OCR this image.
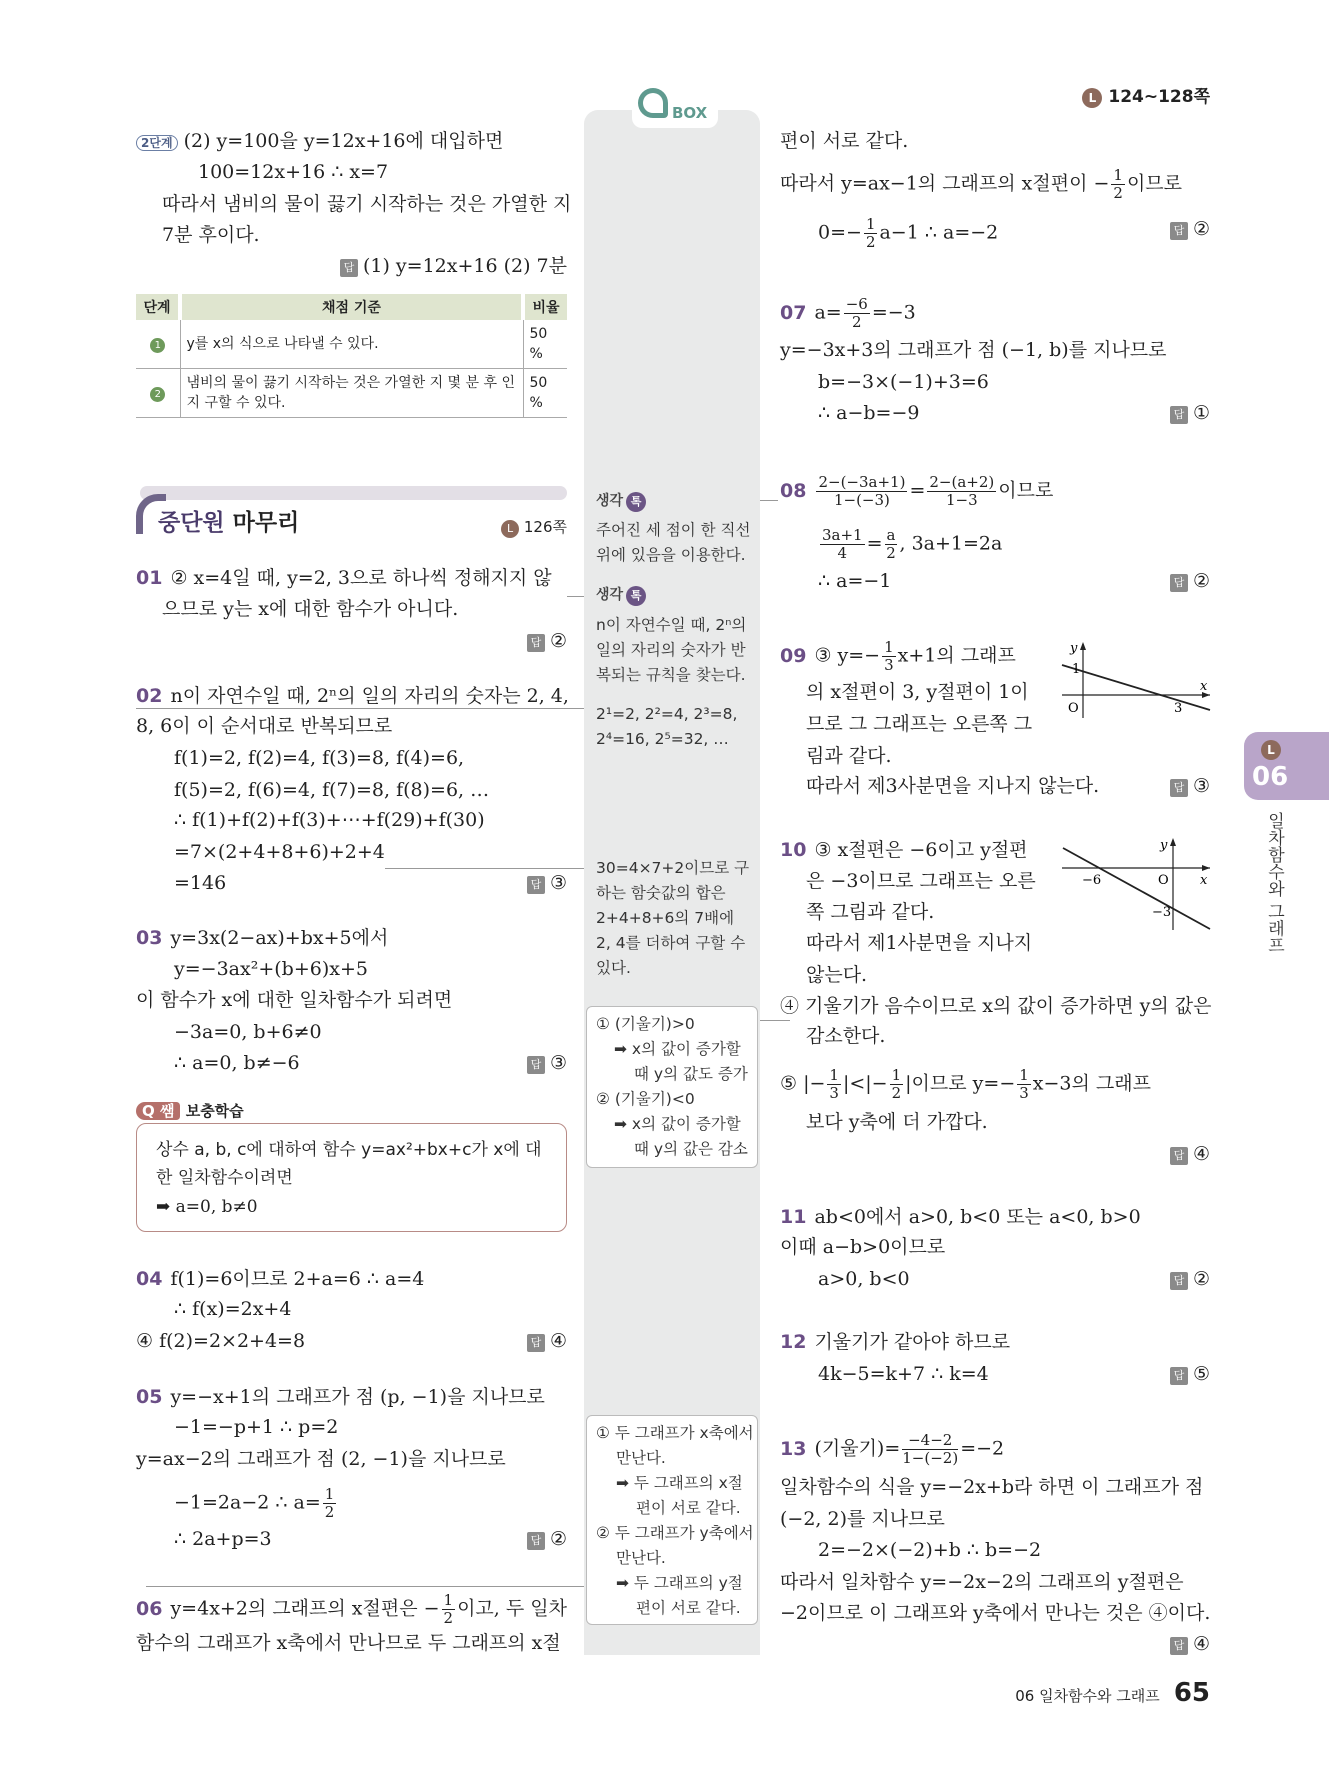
L 124~128쪽
BOX
생각 톡
주어진 세 점이 한 직선
위에 있음을 이용한다.
생각 톡
n이 자연수일 때, 2ⁿ의
일의 자리의 숫자가 반
복되는 규칙을 찾는다.
2¹=2, 2²=4, 2³=8,
2⁴=16, 2⁵=32, …
30=4×7+2이므로 구
하는 함숫값의 합은
2+4+8+6의 7배에
2, 4를 더하여 구할 수
있다.
① (기울기)>0
➡ x의 값이 증가할
때 y의 값도 증가
② (기울기)<0
➡ x의 값이 증가할
때 y의 값은 감소
① 두 그래프가 x축에서
만난다.
➡ 두 그래프의 x절
편이 서로 같다.
② 두 그래프가 y축에서
만난다.
➡ 두 그래프의 y절
편이 서로 같다.
2단계 (2) y=100을 y=12x+16에 대입하면
100=12x+16 ∴ x=7
따라서 냄비의 물이 끓기 시작하는 것은 가열한 지
7분 후이다.
답 (1) y=12x+16 (2) 7분
단계	채점 기준	비율
1	y를 x의 식으로 나타낼 수 있다.	50 %
2	냄비의 물이 끓기 시작하는 것은 가열한 지 몇 분 후 인지 구할 수 있다.	50 %
중단원 마무리	L 126쪽
01 ② x=4일 때, y=2, 3으로 하나씩 정해지지 않
으므로 y는 x에 대한 함수가 아니다.
답 ②
02 n이 자연수일 때, 2ⁿ의 일의 자리의 숫자는 2, 4,
8, 6이 이 순서대로 반복되므로
f(1)=2, f(2)=4, f(3)=8, f(4)=6,
f(5)=2, f(6)=4, f(7)=8, f(8)=6, …
∴ f(1)+f(2)+f(3)+⋯+f(29)+f(30)
=7×(2+4+8+6)+2+4
=146	답 ③
03 y=3x(2−ax)+bx+5에서
y=−3ax²+(b+6)x+5
이 함수가 x에 대한 일차함수가 되려면
−3a=0, b+6≠0
∴ a=0, b≠−6	답 ③
Q 쌤 보충학습
상수 a, b, c에 대하여 함수 y=ax²+bx+c가 x에 대
한 일차함수이려면
➡ a=0, b≠0
04 f(1)=6이므로 2+a=6 ∴ a=4
∴ f(x)=2x+4
④ f(2)=2×2+4=8	답 ④
05 y=−x+1의 그래프가 점 (p, −1)을 지나므로
−1=−p+1 ∴ p=2
y=ax−2의 그래프가 점 (2, −1)을 지나므로
−1=2a−2 ∴ $a= \frac{1}{2}$
∴ 2a+p=3	답 ②
06 y=4x+2의 그래프의 x절편은 − $\frac{1}{2}$ 이고, 두 일차
함수의 그래프가 x축에서 만나므로 두 그래프의 x절
편이 서로 같다.
따라서 y=ax−1의 그래프의 x절편이 − $\frac{1}{2}$ 이므로
$0=- \frac{1}{2} a-1$ ∴ a=−2	답 ②
07 $a= \frac{-6}{2} =-3$
y=−3x+3의 그래프가 점 (−1, b)를 지나므로
b=−3×(−1)+3=6
∴ a−b=−9	답 ①
$08 \frac{2-(-3a+1)}{1-(-3)} = \frac{2-(a+2)}{1-3}$ 이므로
$\frac{3a+1}{4} = \frac{a}{2}$ , 3a+1=2a
∴ a=−1	답 ②
09 ③ $y=- \frac{1}{3} x+1$의 그래프
의 x절편이 3, y절편이 1이
므로 그 그래프는 오른쪽 그
림과 같다.
따라서 제3사분면을 지나지 않는다.	답 ③
x
y
O	3
1
10 ③ x절편은 −6이고 y절편
은 −3이므로 그래프는 오른
쪽 그림과 같다.
따라서 제1사분면을 지나지
않는다.
x
y
O
−6
−3
④ 기울기가 음수이므로 x의 값이 증가하면 y의 값은
감소한다.
⑤ |− $\frac{1}{3}$ |<|− $\frac{1}{2}$ |이므로 $y=- \frac{1}{3} x-3$의 그래프
보다 y축에 더 가깝다.
답 ④
11 ab<0에서 a>0, b<0 또는 a<0, b>0
이때 a−b>0이므로
a>0, b<0	답 ②
12 기울기가 같아야 하므로
4k−5=k+7 ∴ k=4	답 ⑤
13 (기울기)= $\frac{-4-2}{1-(-2)} =-2$
일차함수의 식을 y=−2x+b라 하면 이 그래프가 점
(−2, 2)를 지나므로
2=−2×(−2)+b ∴ b=−2
따라서 일차함수 y=−2x−2의 그래프의 y절편은
−2이므로 이 그래프와 y축에서 만나는 것은 ④이다.
답 ④
L
06
일차함수와 그래프
06 일차함수와 그래프 65
